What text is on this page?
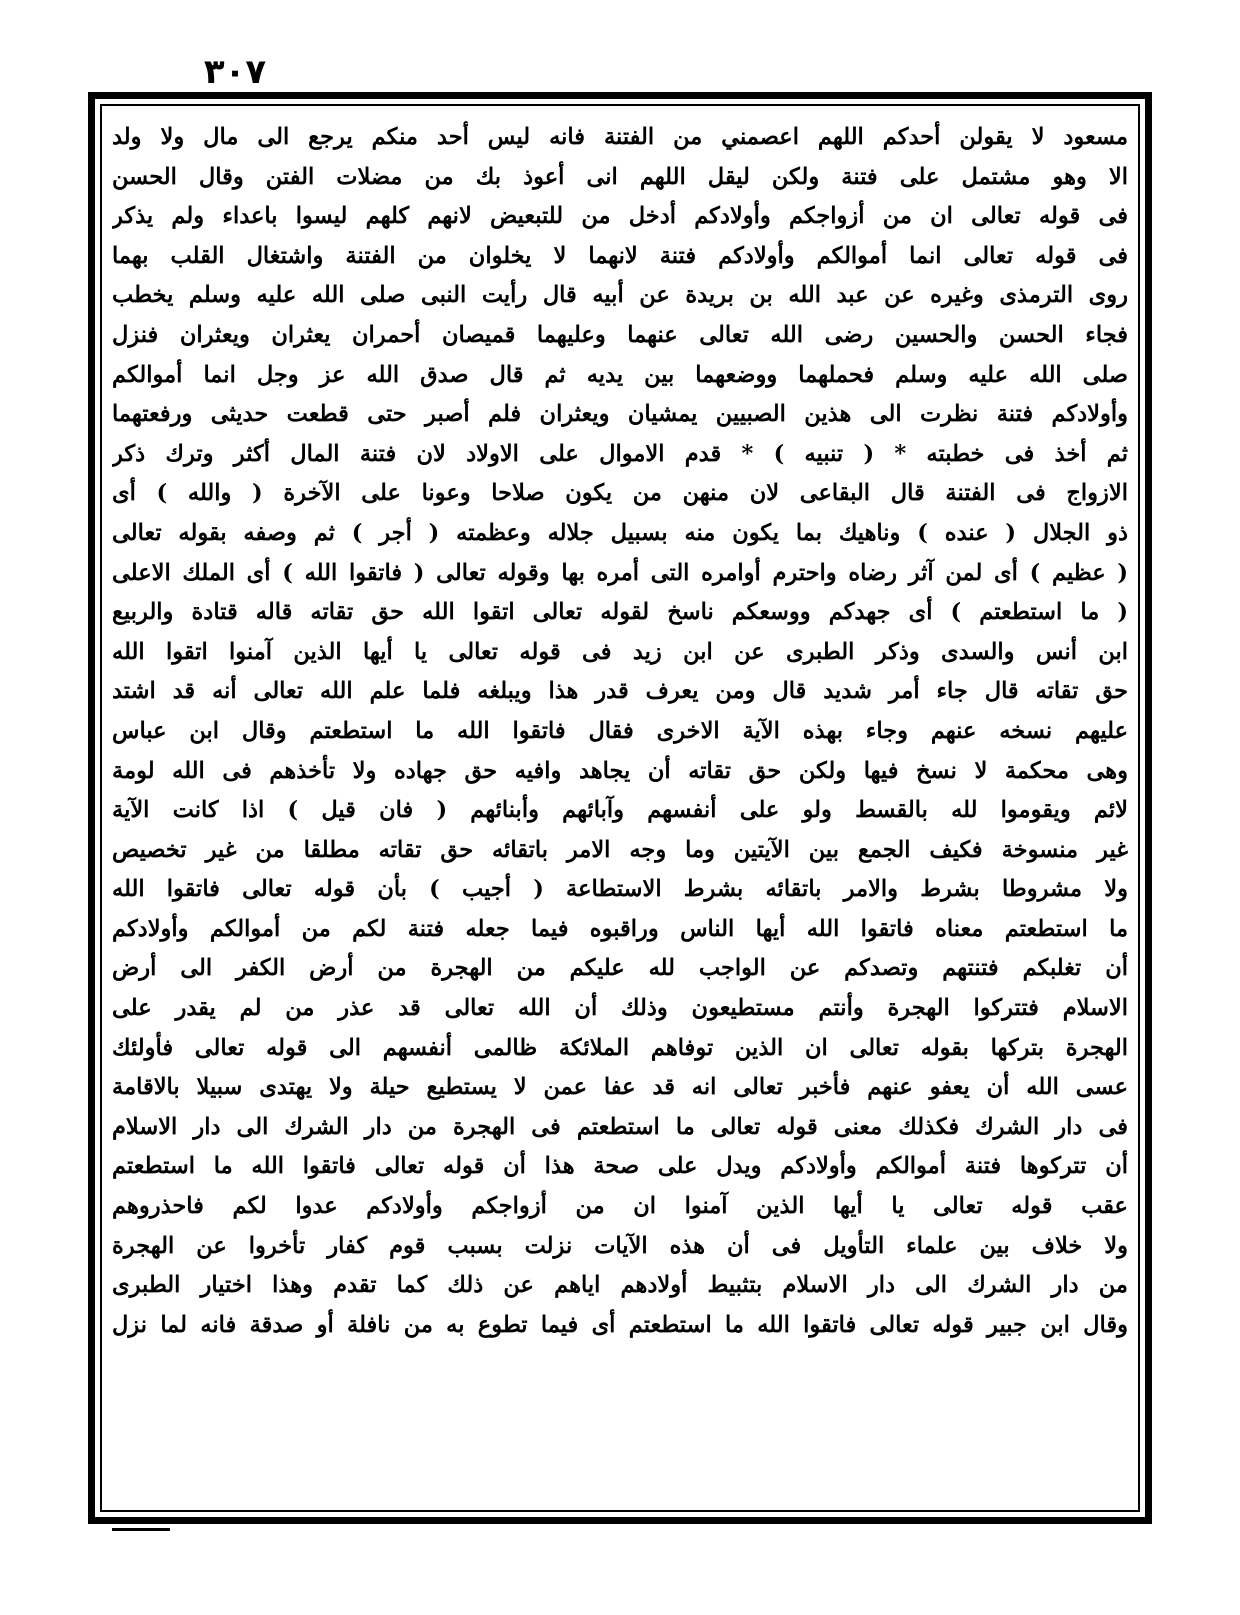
٣٠٧
مسعود لا يقولن أحدكم اللهم اعصمني من الفتنة فانه ليس أحد منكم يرجع الى مال ولا ولد
الا وهو مشتمل على فتنة ولكن ليقل اللهم انى أعوذ بك من مضلات الفتن وقال الحسن
فى قوله تعالى ان من أزواجكم وأولادكم أدخل من للتبعيض لانهم كلهم ليسوا باعداء ولم يذكر
فى قوله تعالى انما أموالكم وأولادكم فتنة لانهما لا يخلوان من الفتنة واشتغال القلب بهما
روى الترمذى وغيره عن عبد الله بن بريدة عن أبيه قال رأيت النبى صلى الله عليه وسلم يخطب
فجاء الحسن والحسين رضى الله تعالى عنهما وعليهما قميصان أحمران يعثران ويعثران فنزل
صلى الله عليه وسلم فحملهما ووضعهما بين يديه ثم قال صدق الله عز وجل انما أموالكم
وأولادكم فتنة نظرت الى هذين الصبيين يمشيان ويعثران فلم أصبر حتى قطعت حديثى ورفعتهما
ثم أخذ فى خطبته * ( تنبيه ) * قدم الاموال على الاولاد لان فتنة المال أكثر وترك ذكر
الازواج فى الفتنة قال البقاعى لان منهن من يكون صلاحا وعونا على الآخرة ( والله ) أى
ذو الجلال ( عنده ) وناهيك بما يكون منه بسبيل جلاله وعظمته ( أجر ) ثم وصفه بقوله تعالى
( عظيم ) أى لمن آثر رضاه واحترم أوامره التى أمره بها وقوله تعالى ( فاتقوا الله ) أى الملك الاعلى
( ما استطعتم ) أى جهدكم ووسعكم ناسخ لقوله تعالى اتقوا الله حق تقاته قاله قتادة والربيع
ابن أنس والسدى وذكر الطبرى عن ابن زيد فى قوله تعالى يا أيها الذين آمنوا اتقوا الله
حق تقاته قال جاء أمر شديد قال ومن يعرف قدر هذا ويبلغه فلما علم الله تعالى أنه قد اشتد
عليهم نسخه عنهم وجاء بهذه الآية الاخرى فقال فاتقوا الله ما استطعتم وقال ابن عباس
وهى محكمة لا نسخ فيها ولكن حق تقاته أن يجاهد وافيه حق جهاده ولا تأخذهم فى الله لومة
لائم ويقوموا لله بالقسط ولو على أنفسهم وآبائهم وأبنائهم ( فان قيل ) اذا كانت الآية
غير منسوخة فكيف الجمع بين الآيتين وما وجه الامر باتقائه حق تقاته مطلقا من غير تخصيص
ولا مشروطا بشرط والامر باتقائه بشرط الاستطاعة ( أجيب ) بأن قوله تعالى فاتقوا الله
ما استطعتم معناه فاتقوا الله أيها الناس وراقبوه فيما جعله فتنة لكم من أموالكم وأولادكم
أن تغلبكم فتنتهم وتصدكم عن الواجب لله عليكم من الهجرة من أرض الكفر الى أرض
الاسلام فتتركوا الهجرة وأنتم مستطيعون وذلك أن الله تعالى قد عذر من لم يقدر على
الهجرة بتركها بقوله تعالى ان الذين توفاهم الملائكة ظالمى أنفسهم الى قوله تعالى فأولئك
عسى الله أن يعفو عنهم فأخبر تعالى انه قد عفا عمن لا يستطيع حيلة ولا يهتدى سبيلا بالاقامة
فى دار الشرك فكذلك معنى قوله تعالى ما استطعتم فى الهجرة من دار الشرك الى دار الاسلام
أن تتركوها فتنة أموالكم وأولادكم ويدل على صحة هذا أن قوله تعالى فاتقوا الله ما استطعتم
عقب قوله تعالى يا أيها الذين آمنوا ان من أزواجكم وأولادكم عدوا لكم فاحذروهم
ولا خلاف بين علماء التأويل فى أن هذه الآيات نزلت بسبب قوم كفار تأخروا عن الهجرة
من دار الشرك الى دار الاسلام بتثبيط أولادهم اياهم عن ذلك كما تقدم وهذا اختيار الطبرى
وقال ابن جبير قوله تعالى فاتقوا الله ما استطعتم أى فيما تطوع به من نافلة أو صدقة فانه لما نزل
